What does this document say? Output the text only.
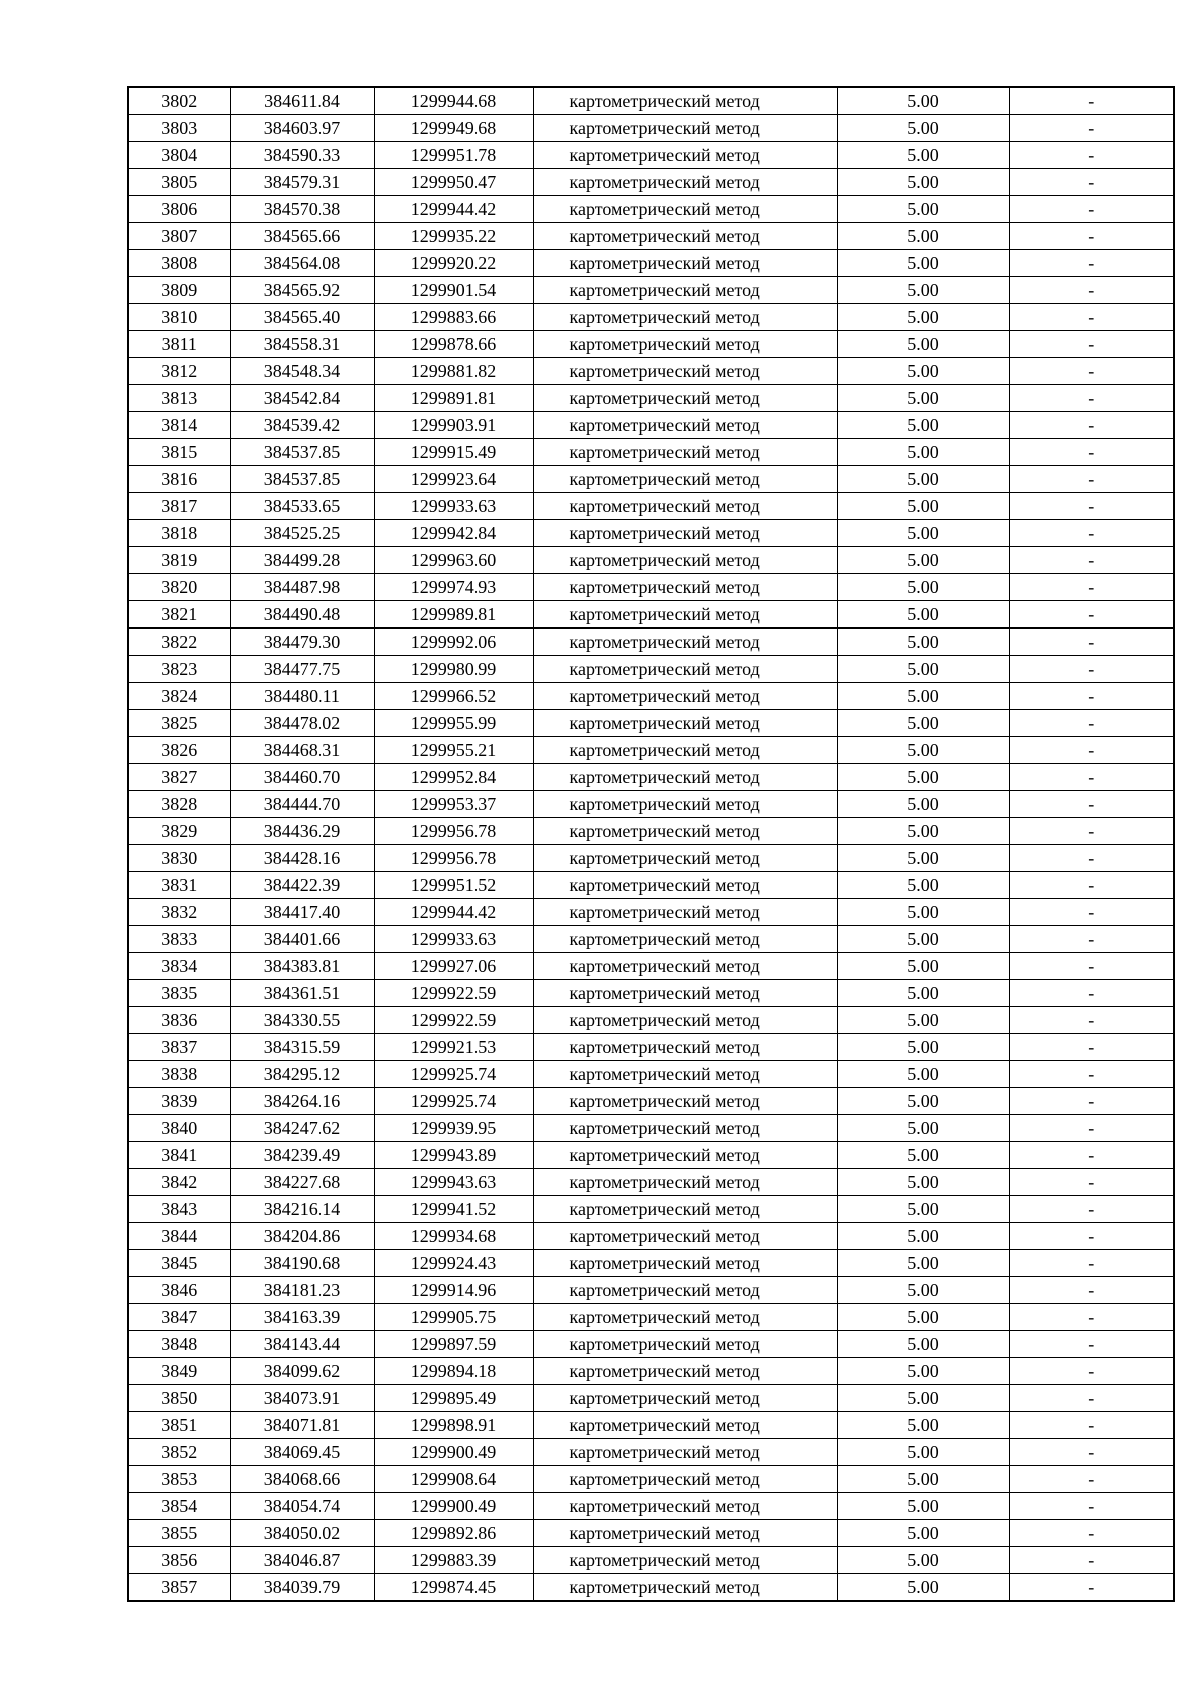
3802	384611.84	1299944.68	картометрический метод	5.00	-
3803	384603.97	1299949.68	картометрический метод	5.00	-
3804	384590.33	1299951.78	картометрический метод	5.00	-
3805	384579.31	1299950.47	картометрический метод	5.00	-
3806	384570.38	1299944.42	картометрический метод	5.00	-
3807	384565.66	1299935.22	картометрический метод	5.00	-
3808	384564.08	1299920.22	картометрический метод	5.00	-
3809	384565.92	1299901.54	картометрический метод	5.00	-
3810	384565.40	1299883.66	картометрический метод	5.00	-
3811	384558.31	1299878.66	картометрический метод	5.00	-
3812	384548.34	1299881.82	картометрический метод	5.00	-
3813	384542.84	1299891.81	картометрический метод	5.00	-
3814	384539.42	1299903.91	картометрический метод	5.00	-
3815	384537.85	1299915.49	картометрический метод	5.00	-
3816	384537.85	1299923.64	картометрический метод	5.00	-
3817	384533.65	1299933.63	картометрический метод	5.00	-
3818	384525.25	1299942.84	картометрический метод	5.00	-
3819	384499.28	1299963.60	картометрический метод	5.00	-
3820	384487.98	1299974.93	картометрический метод	5.00	-
3821	384490.48	1299989.81	картометрический метод	5.00	-
3822	384479.30	1299992.06	картометрический метод	5.00	-
3823	384477.75	1299980.99	картометрический метод	5.00	-
3824	384480.11	1299966.52	картометрический метод	5.00	-
3825	384478.02	1299955.99	картометрический метод	5.00	-
3826	384468.31	1299955.21	картометрический метод	5.00	-
3827	384460.70	1299952.84	картометрический метод	5.00	-
3828	384444.70	1299953.37	картометрический метод	5.00	-
3829	384436.29	1299956.78	картометрический метод	5.00	-
3830	384428.16	1299956.78	картометрический метод	5.00	-
3831	384422.39	1299951.52	картометрический метод	5.00	-
3832	384417.40	1299944.42	картометрический метод	5.00	-
3833	384401.66	1299933.63	картометрический метод	5.00	-
3834	384383.81	1299927.06	картометрический метод	5.00	-
3835	384361.51	1299922.59	картометрический метод	5.00	-
3836	384330.55	1299922.59	картометрический метод	5.00	-
3837	384315.59	1299921.53	картометрический метод	5.00	-
3838	384295.12	1299925.74	картометрический метод	5.00	-
3839	384264.16	1299925.74	картометрический метод	5.00	-
3840	384247.62	1299939.95	картометрический метод	5.00	-
3841	384239.49	1299943.89	картометрический метод	5.00	-
3842	384227.68	1299943.63	картометрический метод	5.00	-
3843	384216.14	1299941.52	картометрический метод	5.00	-
3844	384204.86	1299934.68	картометрический метод	5.00	-
3845	384190.68	1299924.43	картометрический метод	5.00	-
3846	384181.23	1299914.96	картометрический метод	5.00	-
3847	384163.39	1299905.75	картометрический метод	5.00	-
3848	384143.44	1299897.59	картометрический метод	5.00	-
3849	384099.62	1299894.18	картометрический метод	5.00	-
3850	384073.91	1299895.49	картометрический метод	5.00	-
3851	384071.81	1299898.91	картометрический метод	5.00	-
3852	384069.45	1299900.49	картометрический метод	5.00	-
3853	384068.66	1299908.64	картометрический метод	5.00	-
3854	384054.74	1299900.49	картометрический метод	5.00	-
3855	384050.02	1299892.86	картометрический метод	5.00	-
3856	384046.87	1299883.39	картометрический метод	5.00	-
3857	384039.79	1299874.45	картометрический метод	5.00	-
